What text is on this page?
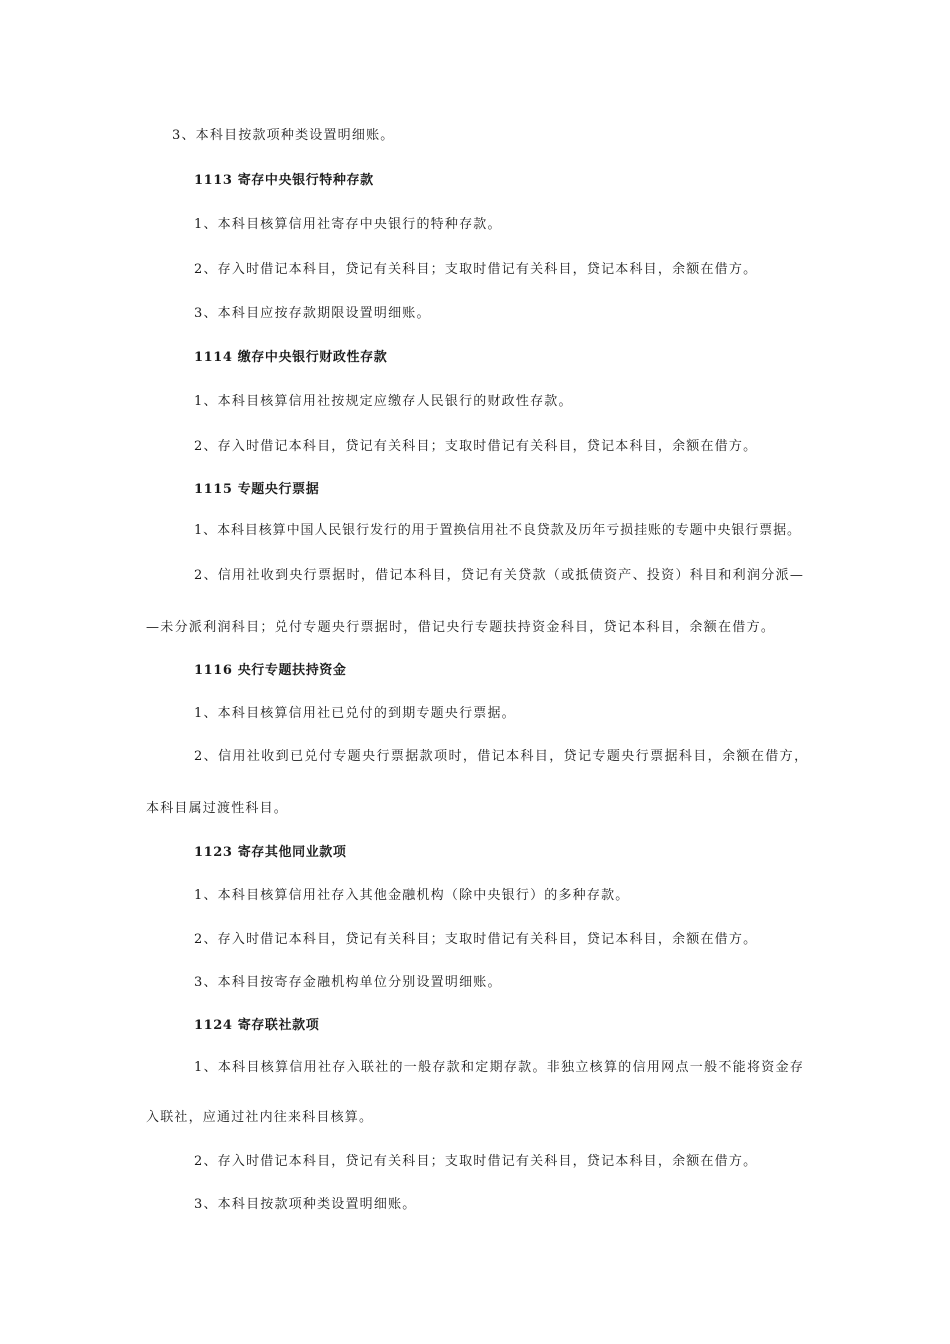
3、本科目按款项种类设置明细账。
1113 寄存中央银行特种存款
1、本科目核算信用社寄存中央银行的特种存款。
2、存入时借记本科目，贷记有关科目；支取时借记有关科目，贷记本科目，余额在借方。
3、本科目应按存款期限设置明细账。
1114 缴存中央银行财政性存款
1、本科目核算信用社按规定应缴存人民银行的财政性存款。
2、存入时借记本科目，贷记有关科目；支取时借记有关科目，贷记本科目，余额在借方。
1115 专题央行票据
1、本科目核算中国人民银行发行的用于置换信用社不良贷款及历年亏损挂账的专题中央银行票据。
2、信用社收到央行票据时，借记本科目，贷记有关贷款（或抵债资产、投资）科目和利润分派—
—未分派利润科目；兑付专题央行票据时，借记央行专题扶持资金科目，贷记本科目，余额在借方。
1116 央行专题扶持资金
1、本科目核算信用社已兑付的到期专题央行票据。
2、信用社收到已兑付专题央行票据款项时，借记本科目，贷记专题央行票据科目，余额在借方，
本科目属过渡性科目。
1123 寄存其他同业款项
1、本科目核算信用社存入其他金融机构（除中央银行）的多种存款。
2、存入时借记本科目，贷记有关科目；支取时借记有关科目，贷记本科目，余额在借方。
3、本科目按寄存金融机构单位分别设置明细账。
1124 寄存联社款项
1、本科目核算信用社存入联社的一般存款和定期存款。非独立核算的信用网点一般不能将资金存
入联社，应通过社内往来科目核算。
2、存入时借记本科目，贷记有关科目；支取时借记有关科目，贷记本科目，余额在借方。
3、本科目按款项种类设置明细账。
